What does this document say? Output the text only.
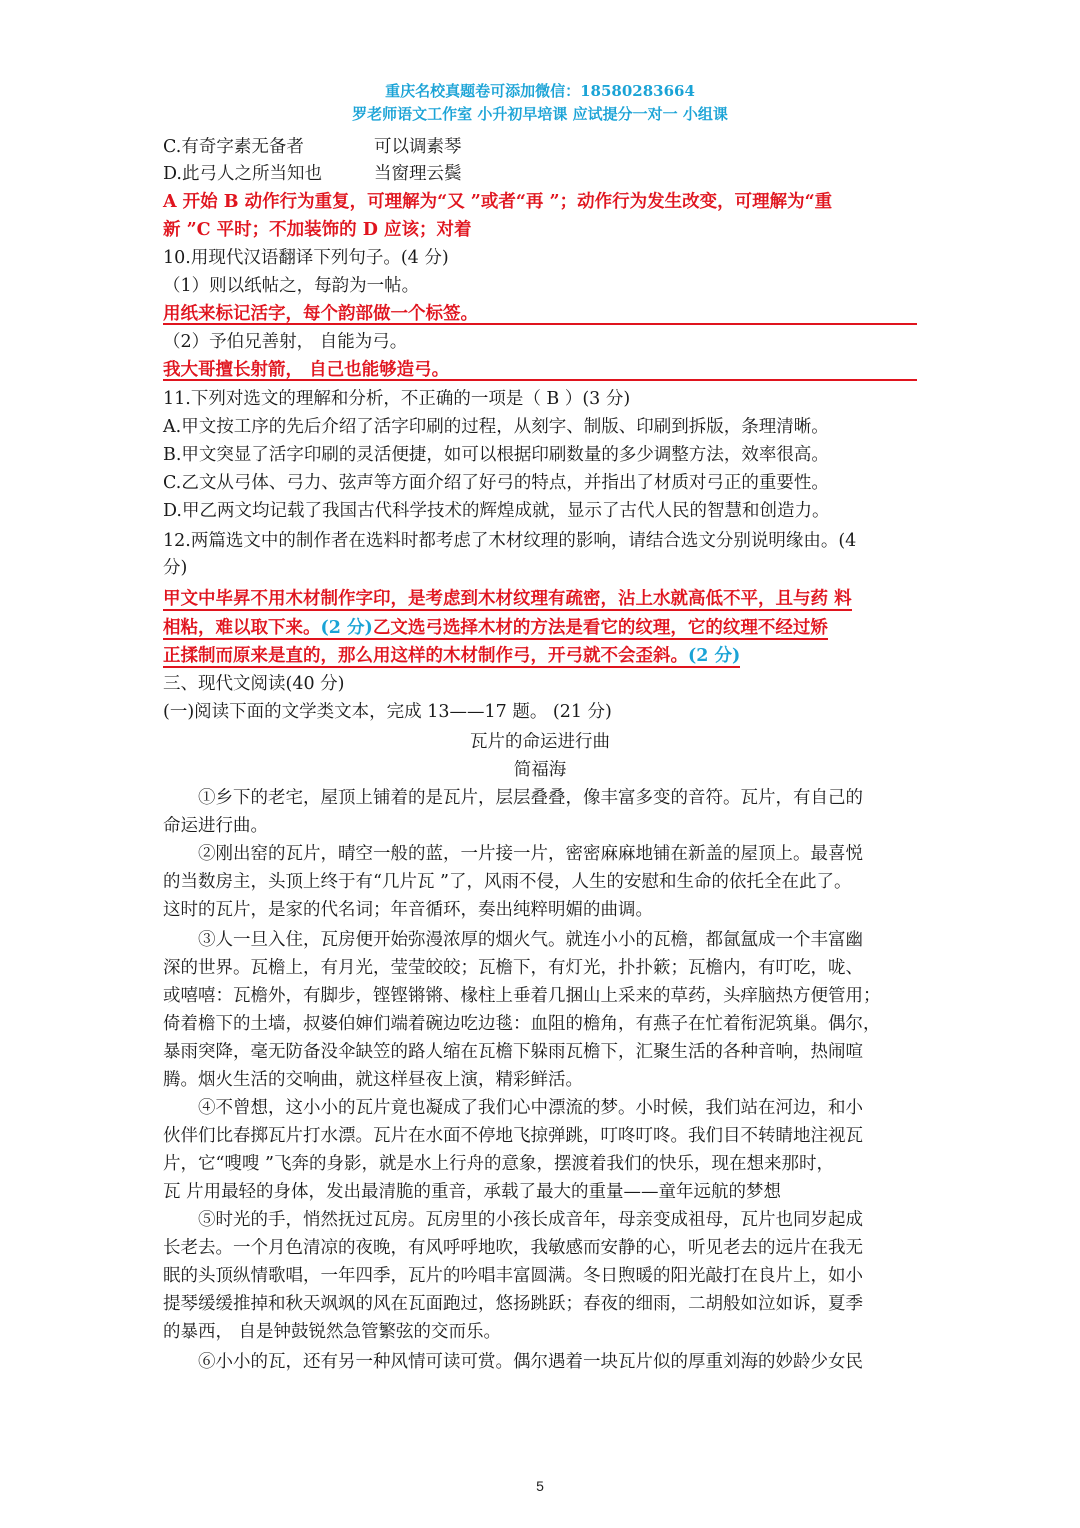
重庆名校真题卷可添加微信：18580283664
罗老师语文工作室 小升初早培课 应试提分一对一 小组课
C.有奇字素无备者	可以调素琴
D.此弓人之所当知也	当窗理云鬓
A 开始 B 动作行为重复，可理解为“又 ”或者“再 ”；动作行为发生改变，可理解为“重
新 ”C 平时；不加装饰的 D 应该；对着
10.用现代汉语翻译下列句子。(4 分)
（1）则以纸帖之，每韵为一帖。
用纸来标记活字，每个韵部做一个标签。
（2）予伯兄善射， 自能为弓。
我大哥擅长射箭， 自己也能够造弓。
11.下列对选文的理解和分析，不正确的一项是（ B ）(3 分)
A.甲文按工序的先后介绍了活字印刷的过程，从刻字、制版、印刷到拆版，条理清晰。
B.甲文突显了活字印刷的灵活便捷，如可以根据印刷数量的多少调整方法，效率很高。
C.乙文从弓体、弓力、弦声等方面介绍了好弓的特点，并指出了材质对弓正的重要性。
D.甲乙两文均记载了我国古代科学技术的辉煌成就，显示了古代人民的智慧和创造力。
12.两篇选文中的制作者在选料时都考虑了木材纹理的影响，请结合选文分别说明缘由。(4
分)
甲文中毕昇不用木材制作字印，是考虑到木材纹理有疏密，沾上水就高低不平，且与药 料
相粘，难以取下来。(2 分)乙文选弓选择木材的方法是看它的纹理，它的纹理不经过矫
正揉制而原来是直的，那么用这样的木材制作弓，开弓就不会歪斜。(2 分)
三、现代文阅读(40 分)
(一)阅读下面的文学类文本，完成 13——17 题。 (21 分)
瓦片的命运进行曲
简福海
①乡下的老宅，屋顶上铺着的是瓦片，层层叠叠，像丰富多变的音符。瓦片，有自己的
命运进行曲。
②刚出窑的瓦片，晴空一般的蓝，一片接一片，密密麻麻地铺在新盖的屋顶上。最喜悦
的当数房主，头顶上终于有“几片瓦 ”了，风雨不侵，人生的安慰和生命的依托全在此了。
这时的瓦片，是家的代名词；年音循环，奏出纯粹明媚的曲调。
③人一旦入住，瓦房便开始弥漫浓厚的烟火气。就连小小的瓦檐，都氤氲成一个丰富幽
深的世界。瓦檐上，有月光，莹莹皎皎；瓦檐下，有灯光，扑扑簌；瓦檐内，有叮吃，咙、
或嘻嘻：瓦檐外，有脚步，铿铿锵锵、椽柱上垂着几捆山上采来的草药，头痒脑热方便管用；
倚着檐下的土墙，叔婆伯婶们端着碗边吃边毯：血阻的檐角，有燕子在忙着衔泥筑巢。偶尔，
暴雨突降，毫无防备没伞缺笠的路人缩在瓦檐下躲雨瓦檐下，汇聚生活的各种音响，热闹喧
腾。烟火生活的交响曲，就这样昼夜上演，精彩鲜活。
④不曾想，这小小的瓦片竟也凝成了我们心中漂流的梦。小时候，我们站在河边，和小
伙伴们比春掷瓦片打水漂。瓦片在水面不停地飞掠弹跳，叮咚叮咚。我们目不转睛地注视瓦
片，它“嗖嗖 ”飞奔的身影，就是水上行舟的意象，摆渡着我们的快乐，现在想来那时，
瓦 片用最轻的身体，发出最清脆的重音，承载了最大的重量——童年远航的梦想
⑤时光的手，悄然抚过瓦房。瓦房里的小孩长成音年，母亲变成祖母，瓦片也同岁起成
长老去。一个月色清凉的夜晚，有风呼呼地吹，我敏感而安静的心，听见老去的远片在我无
眠的头顶纵情歌唱，一年四季，瓦片的吟唱丰富圆满。冬日煦暖的阳光敲打在良片上，如小
提琴缓缓推掉和秋天飒飒的风在瓦面跑过，悠扬跳跃；春夜的细雨，二胡般如泣如诉，夏季
的暴西， 自是钟鼓锐然急管繁弦的交而乐。
⑥小小的瓦，还有另一种风情可读可赏。偶尔遇着一块瓦片似的厚重刘海的妙龄少女民
5
